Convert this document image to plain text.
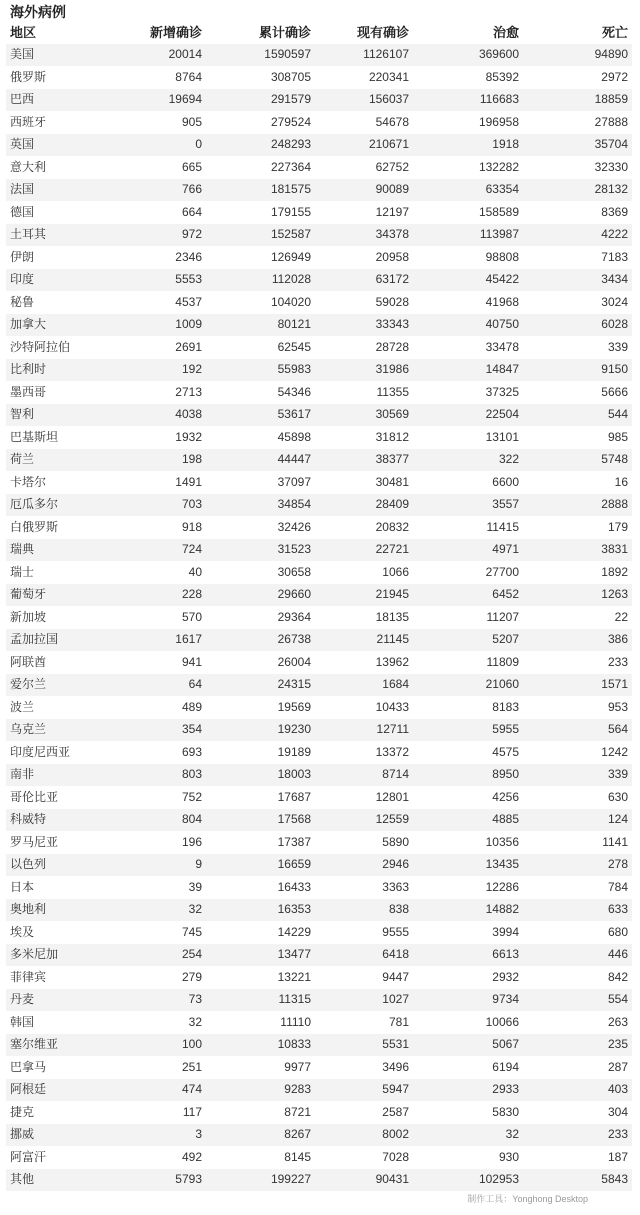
海外病例
地区	新增确诊	累计确诊	现有确诊	治愈	死亡
美国	20014	1590597	1126107	369600	94890
俄罗斯	8764	308705	220341	85392	2972
巴西	19694	291579	156037	116683	18859
西班牙	905	279524	54678	196958	27888
英国	0	248293	210671	1918	35704
意大利	665	227364	62752	132282	32330
法国	766	181575	90089	63354	28132
德国	664	179155	12197	158589	8369
土耳其	972	152587	34378	113987	4222
伊朗	2346	126949	20958	98808	7183
印度	5553	112028	63172	45422	3434
秘鲁	4537	104020	59028	41968	3024
加拿大	1009	80121	33343	40750	6028
沙特阿拉伯	2691	62545	28728	33478	339
比利时	192	55983	31986	14847	9150
墨西哥	2713	54346	11355	37325	5666
智利	4038	53617	30569	22504	544
巴基斯坦	1932	45898	31812	13101	985
荷兰	198	44447	38377	322	5748
卡塔尔	1491	37097	30481	6600	16
厄瓜多尔	703	34854	28409	3557	2888
白俄罗斯	918	32426	20832	11415	179
瑞典	724	31523	22721	4971	3831
瑞士	40	30658	1066	27700	1892
葡萄牙	228	29660	21945	6452	1263
新加坡	570	29364	18135	11207	22
孟加拉国	1617	26738	21145	5207	386
阿联酋	941	26004	13962	11809	233
爱尔兰	64	24315	1684	21060	1571
波兰	489	19569	10433	8183	953
乌克兰	354	19230	12711	5955	564
印度尼西亚	693	19189	13372	4575	1242
南非	803	18003	8714	8950	339
哥伦比亚	752	17687	12801	4256	630
科威特	804	17568	12559	4885	124
罗马尼亚	196	17387	5890	10356	1141
以色列	9	16659	2946	13435	278
日本	39	16433	3363	12286	784
奥地利	32	16353	838	14882	633
埃及	745	14229	9555	3994	680
多米尼加	254	13477	6418	6613	446
菲律宾	279	13221	9447	2932	842
丹麦	73	11315	1027	9734	554
韩国	32	11110	781	10066	263
塞尔维亚	100	10833	5531	5067	235
巴拿马	251	9977	3496	6194	287
阿根廷	474	9283	5947	2933	403
捷克	117	8721	2587	5830	304
挪威	3	8267	8002	32	233
阿富汗	492	8145	7028	930	187
其他	5793	199227	90431	102953	5843
制作工具：Yonghong Desktop
